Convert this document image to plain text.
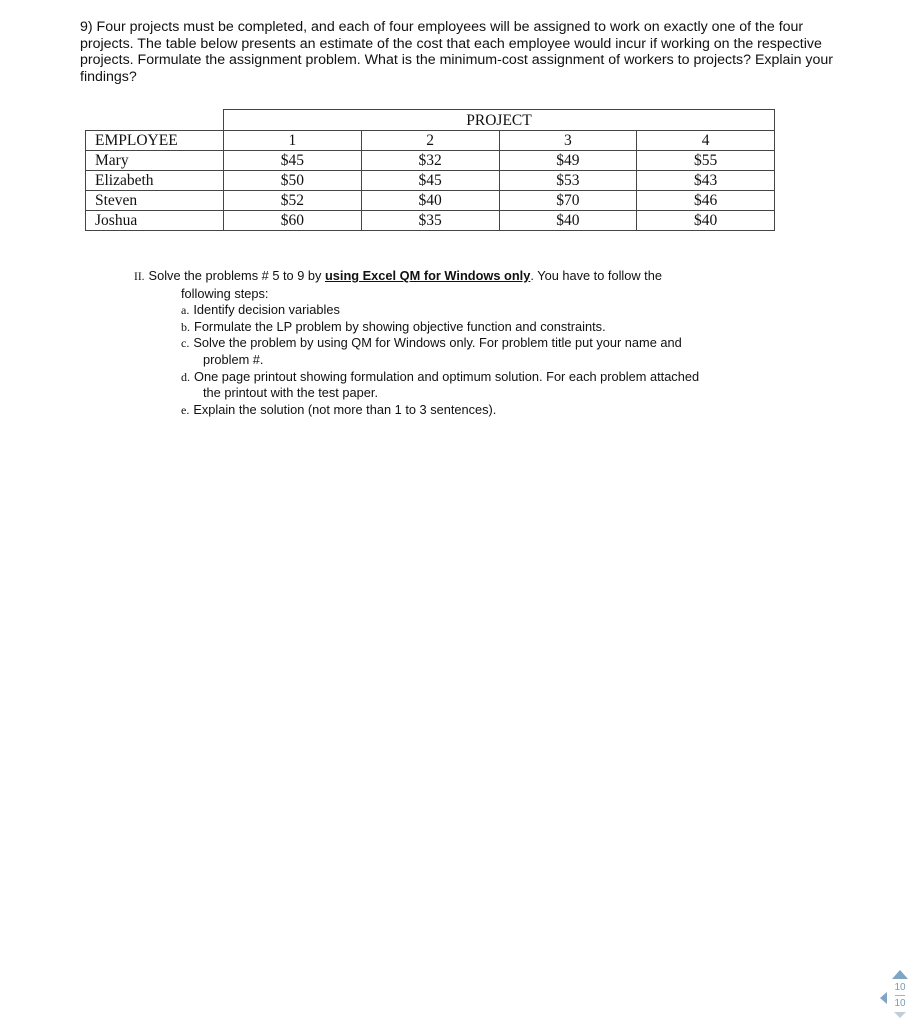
9) Four projects must be completed, and each of four employees will be assigned to work on exactly one of the four projects. The table below presents an estimate of the cost that each employee would incur if working on the respective projects. Formulate the assignment problem. What is the minimum-cost assignment of workers to projects? Explain your findings?

	PROJECT			
EMPLOYEE	1	2	3	4
Mary	$45	$32	$49	$55
Elizabeth	$50	$45	$53	$43
Steven	$52	$40	$70	$46
Joshua	$60	$35	$40	$40

II. Solve the problems # 5 to 9 by using Excel QM for Windows only. You have to follow the

following steps:

a. Identify decision variables

b. Formulate the LP problem by showing objective function and constraints.

c. Solve the problem by using QM for Windows only. For problem title put your name and

problem #.

d. One page printout showing formulation and optimum solution. For each problem attached

the printout with the test paper.

e. Explain the solution (not more than 1 to 3 sentences).

10
10
